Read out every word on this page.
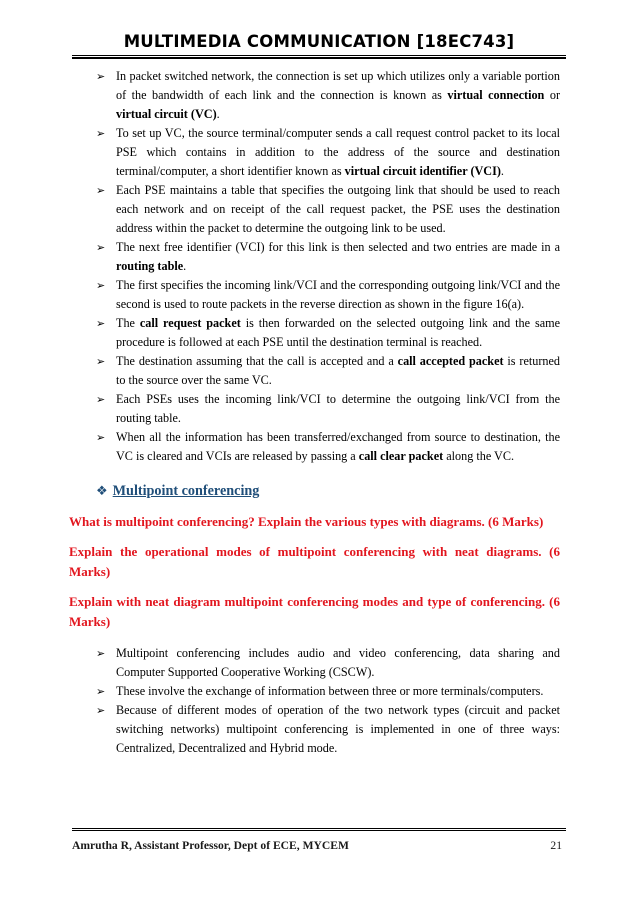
MULTIMEDIA COMMUNICATION [18EC743]
➢ In packet switched network, the connection is set up which utilizes only a variable portion of the bandwidth of each link and the connection is known as virtual connection or virtual circuit (VC).
➢ To set up VC, the source terminal/computer sends a call request control packet to its local PSE which contains in addition to the address of the source and destination terminal/computer, a short identifier known as virtual circuit identifier (VCI).
➢ Each PSE maintains a table that specifies the outgoing link that should be used to reach each network and on receipt of the call request packet, the PSE uses the destination address within the packet to determine the outgoing link to be used.
➢ The next free identifier (VCI) for this link is then selected and two entries are made in a routing table.
➢ The first specifies the incoming link/VCI and the corresponding outgoing link/VCI and the second is used to route packets in the reverse direction as shown in the figure 16(a).
➢ The call request packet is then forwarded on the selected outgoing link and the same procedure is followed at each PSE until the destination terminal is reached.
➢ The destination assuming that the call is accepted and a call accepted packet is returned to the source over the same VC.
➢ Each PSEs uses the incoming link/VCI to determine the outgoing link/VCI from the routing table.
➢ When all the information has been transferred/exchanged from source to destination, the VC is cleared and VCIs are released by passing a call clear packet along the VC.
❖ Multipoint conferencing
What is multipoint conferencing? Explain the various types with diagrams. (6 Marks)
Explain the operational modes of multipoint conferencing with neat diagrams. (6 Marks)
Explain with neat diagram multipoint conferencing modes and type of conferencing. (6 Marks)
➢ Multipoint conferencing includes audio and video conferencing, data sharing and Computer Supported Cooperative Working (CSCW).
➢ These involve the exchange of information between three or more terminals/computers.
➢ Because of different modes of operation of the two network types (circuit and packet switching networks) multipoint conferencing is implemented in one of three ways: Centralized, Decentralized and Hybrid mode.
Amrutha R, Assistant Professor, Dept of ECE, MYCEM	21
